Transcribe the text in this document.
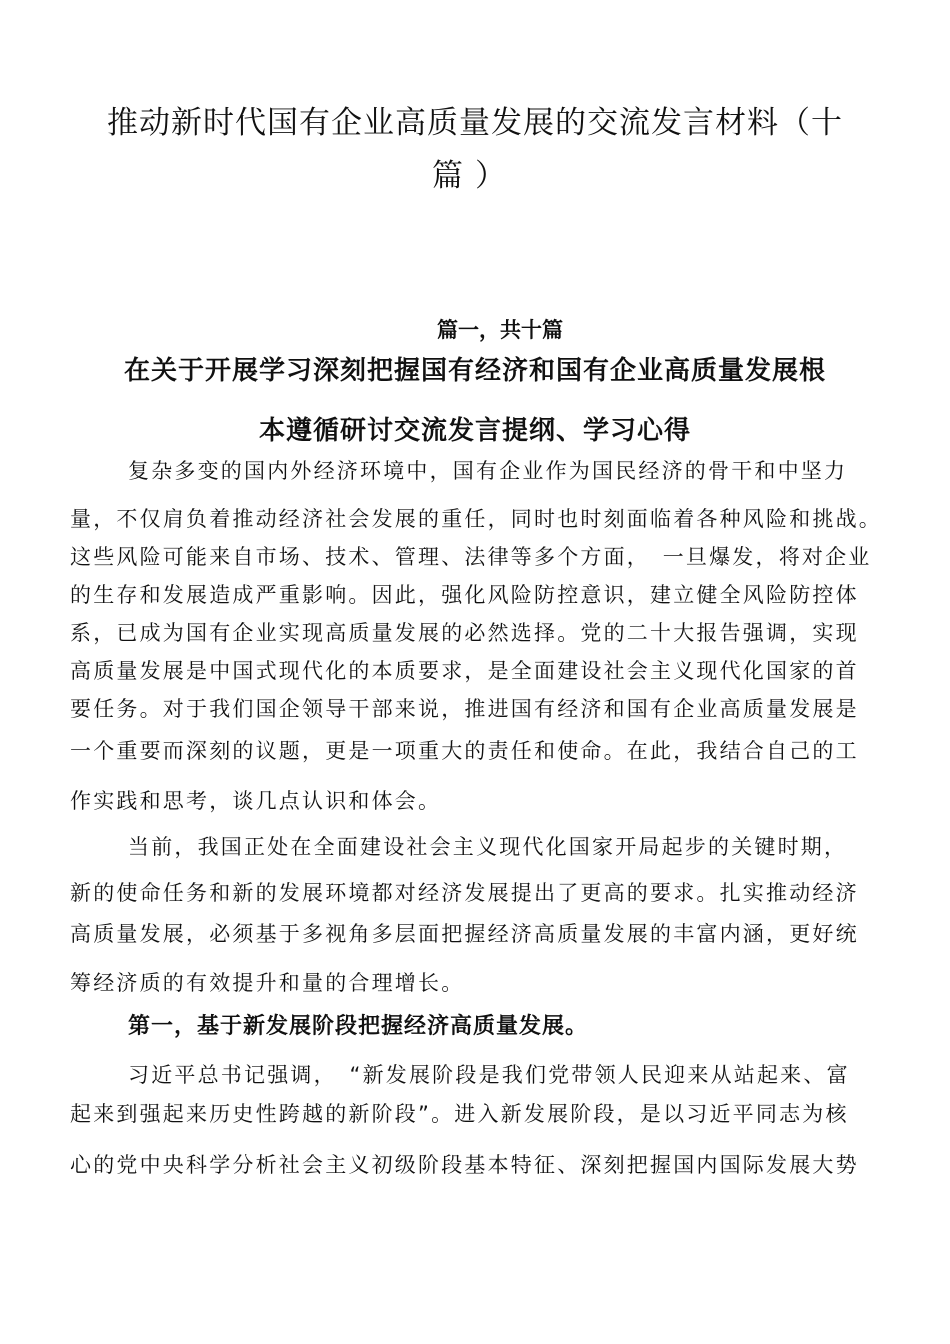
推动新时代国有企业高质量发展的交流发言材料（十
篇）
篇一，共十篇
在关于开展学习深刻把握国有经济和国有企业高质量发展根
本遵循研讨交流发言提纲、学习心得
复杂多变的国内外经济环境中，国有企业作为国民经济的骨干和中坚力
量，不仅肩负着推动经济社会发展的重任，同时也时刻面临着各种风险和挑战。
这些风险可能来自市场、技术、管理、法律等多个方面，　一旦爆发，将对企业
的生存和发展造成严重影响。因此，强化风险防控意识，建立健全风险防控体
系，已成为国有企业实现高质量发展的必然选择。党的二十大报告强调，实现
高质量发展是中国式现代化的本质要求，是全面建设社会主义现代化国家的首
要任务。对于我们国企领导干部来说，推进国有经济和国有企业高质量发展是
一个重要而深刻的议题，更是一项重大的责任和使命。在此，我结合自己的工
作实践和思考，谈几点认识和体会。
当前，我国正处在全面建设社会主义现代化国家开局起步的关键时期，
新的使命任务和新的发展环境都对经济发展提出了更高的要求。扎实推动经济
高质量发展，必须基于多视角多层面把握经济高质量发展的丰富内涵，更好统
筹经济质的有效提升和量的合理增长。
第一，基于新发展阶段把握经济高质量发展。
习近平总书记强调，　“新发展阶段是我们党带领人民迎来从站起来、富
起来到强起来历史性跨越的新阶段”。进入新发展阶段，是以习近平同志为核
心的党中央科学分析社会主义初级阶段基本特征、深刻把握国内国际发展大势
